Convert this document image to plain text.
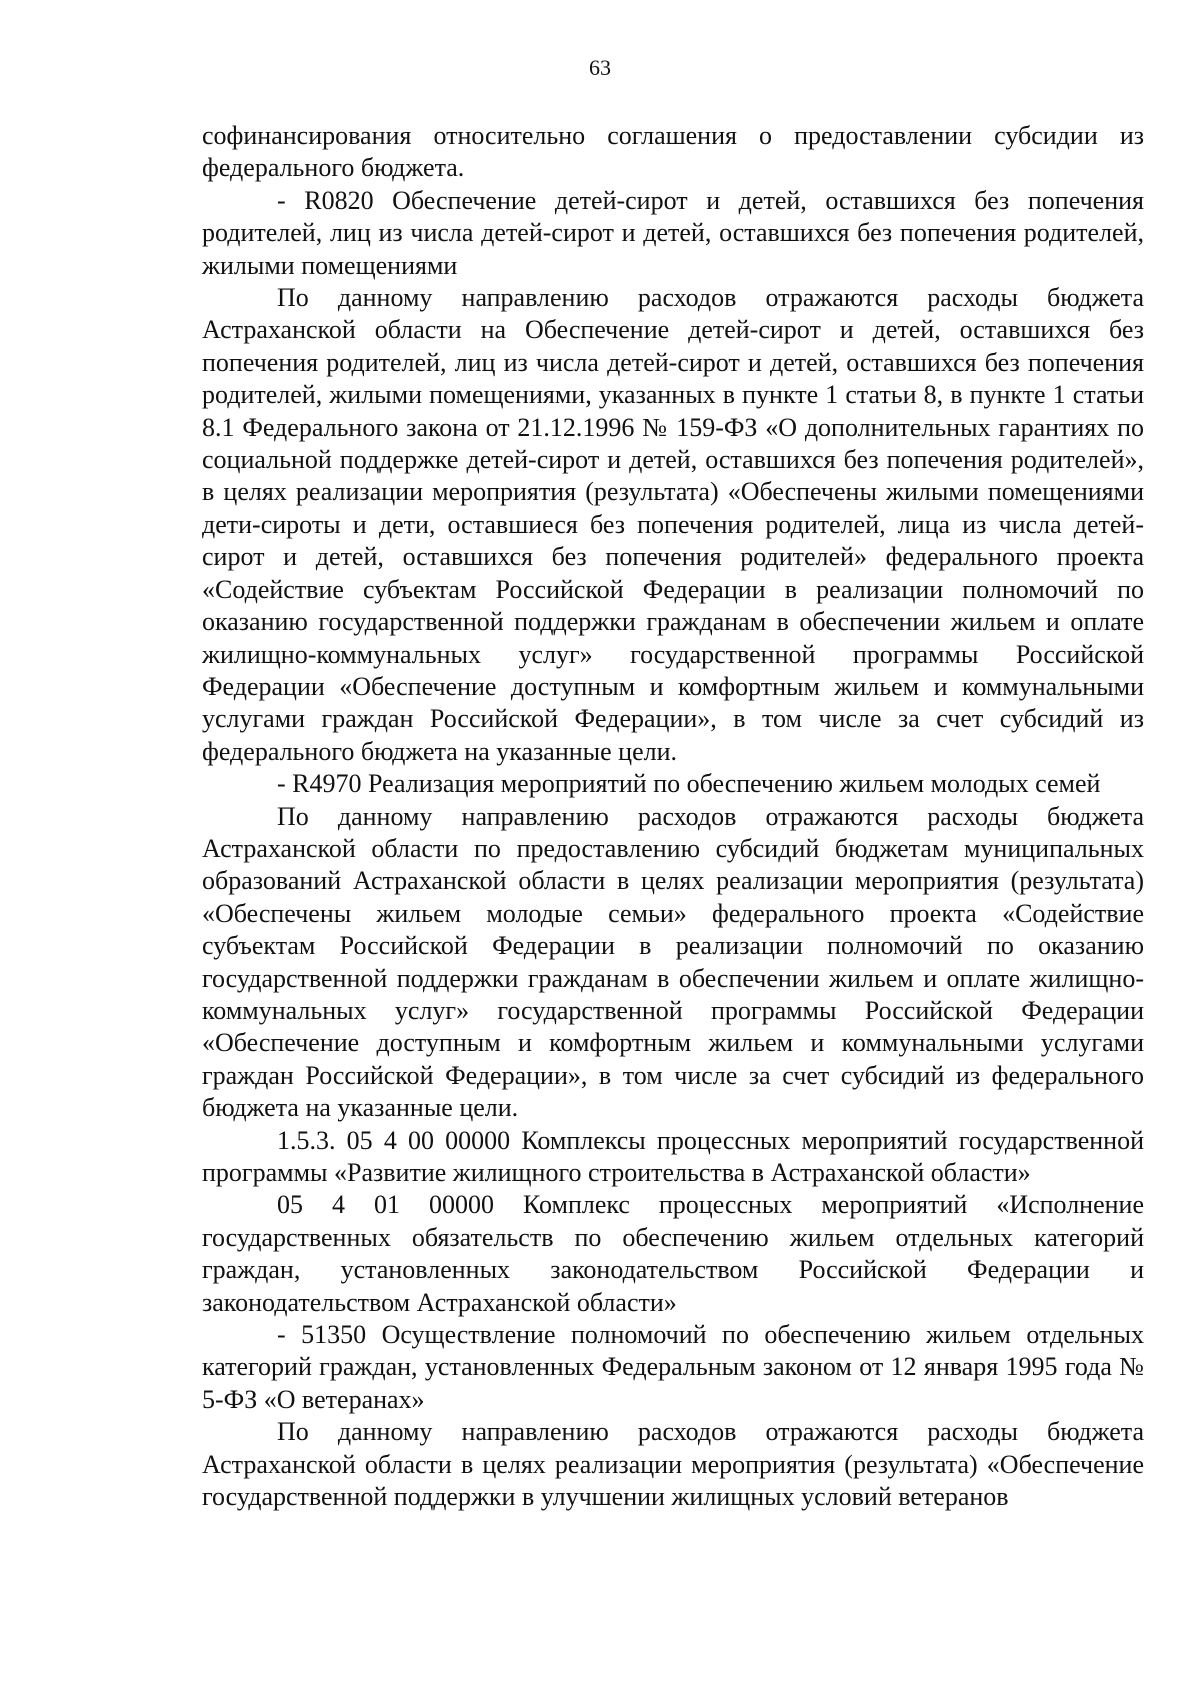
63

софинансирования относительно соглашения о предоставлении субсидии из федерального бюджета.

- R0820 Обеспечение детей-сирот и детей, оставшихся без попечения родителей, лиц из числа детей-сирот и детей, оставшихся без попечения родителей, жилыми помещениями

По данному направлению расходов отражаются расходы бюджета Астраханской области на Обеспечение детей-сирот и детей, оставшихся без попечения родителей, лиц из числа детей-сирот и детей, оставшихся без попечения родителей, жилыми помещениями, указанных в пункте 1 статьи 8, в пункте 1 статьи 8.1 Федерального закона от 21.12.1996 № 159-ФЗ «О дополнительных гарантиях по социальной поддержке детей-сирот и детей, оставшихся без попечения родителей», в целях реализации мероприятия (результата) «Обеспечены жилыми помещениями дети-сироты и дети, оставшиеся без попечения родителей, лица из числа детей-сирот и детей, оставшихся без попечения родителей» федерального проекта «Содействие субъектам Российской Федерации в реализации полномочий по оказанию государственной поддержки гражданам в обеспечении жильем и оплате жилищно-коммунальных услуг» государственной программы Российской Федерации «Обеспечение доступным и комфортным жильем и коммунальными услугами граждан Российской Федерации», в том числе за счет субсидий из федерального бюджета на указанные цели.

- R4970 Реализация мероприятий по обеспечению жильем молодых семей

По данному направлению расходов отражаются расходы бюджета Астраханской области по предоставлению субсидий бюджетам муниципальных образований Астраханской области в целях реализации мероприятия (результата) «Обеспечены жильем молодые семьи» федерального проекта «Содействие субъектам Российской Федерации в реализации полномочий по оказанию государственной поддержки гражданам в обеспечении жильем и оплате жилищно-коммунальных услуг» государственной программы Российской Федерации «Обеспечение доступным и комфортным жильем и коммунальными услугами граждан Российской Федерации», в том числе за счет субсидий из федерального бюджета на указанные цели.

1.5.3. 05 4 00 00000 Комплексы процессных мероприятий государственной программы «Развитие жилищного строительства в Астраханской области»

05 4 01 00000 Комплекс процессных мероприятий «Исполнение государственных обязательств по обеспечению жильем отдельных категорий граждан, установленных законодательством Российской Федерации и законодательством Астраханской области»

- 51350 Осуществление полномочий по обеспечению жильем отдельных категорий граждан, установленных Федеральным законом от 12 января 1995 года № 5-ФЗ «О ветеранах»

По данному направлению расходов отражаются расходы бюджета Астраханской области в целях реализации мероприятия (результата) «Обеспечение государственной поддержки в улучшении жилищных условий ветеранов
